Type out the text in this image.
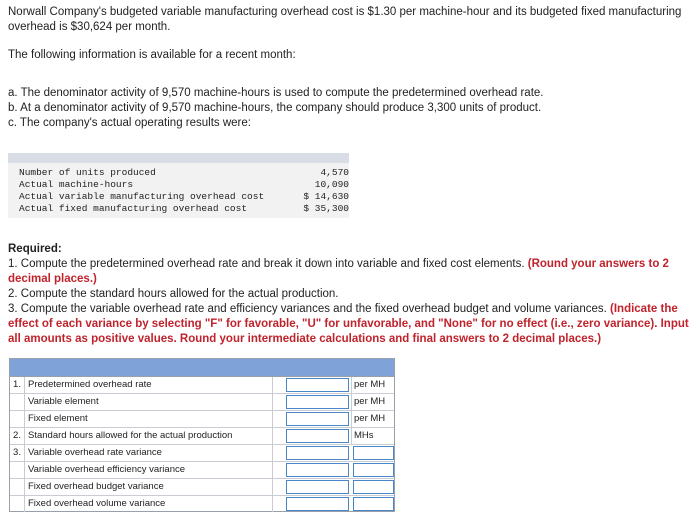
Norwall Company's budgeted variable manufacturing overhead cost is $1.30 per machine-hour and its budgeted fixed manufacturing overhead is $30,624 per month.

The following information is available for a recent month:

a. The denominator activity of 9,570 machine-hours is used to compute the predetermined overhead rate.
b. At a denominator activity of 9,570 machine-hours, the company should produce 3,300 units of product.
c. The company's actual operating results were:
Number of units produced	4,570
Actual machine-hours	10,090
Actual variable manufacturing overhead cost	$ 14,630
Actual fixed manufacturing overhead cost	$ 35,300
Required:
1. Compute the predetermined overhead rate and break it down into variable and fixed cost elements. (Round your answers to 2 decimal places.)
2. Compute the standard hours allowed for the actual production.
3. Compute the variable overhead rate and efficiency variances and the fixed overhead budget and volume variances. (Indicate the effect of each variance by selecting "F" for favorable, "U" for unfavorable, and "None" for no effect (i.e., zero variance). Input all amounts as positive values. Round your intermediate calculations and final answers to 2 decimal places.)
1. Predetermined overhead rate	per MH
Variable element	per MH
Fixed element	per MH
2. Standard hours allowed for the actual production	MHs
3. Variable overhead rate variance
Variable overhead efficiency variance
Fixed overhead budget variance
Fixed overhead volume variance
